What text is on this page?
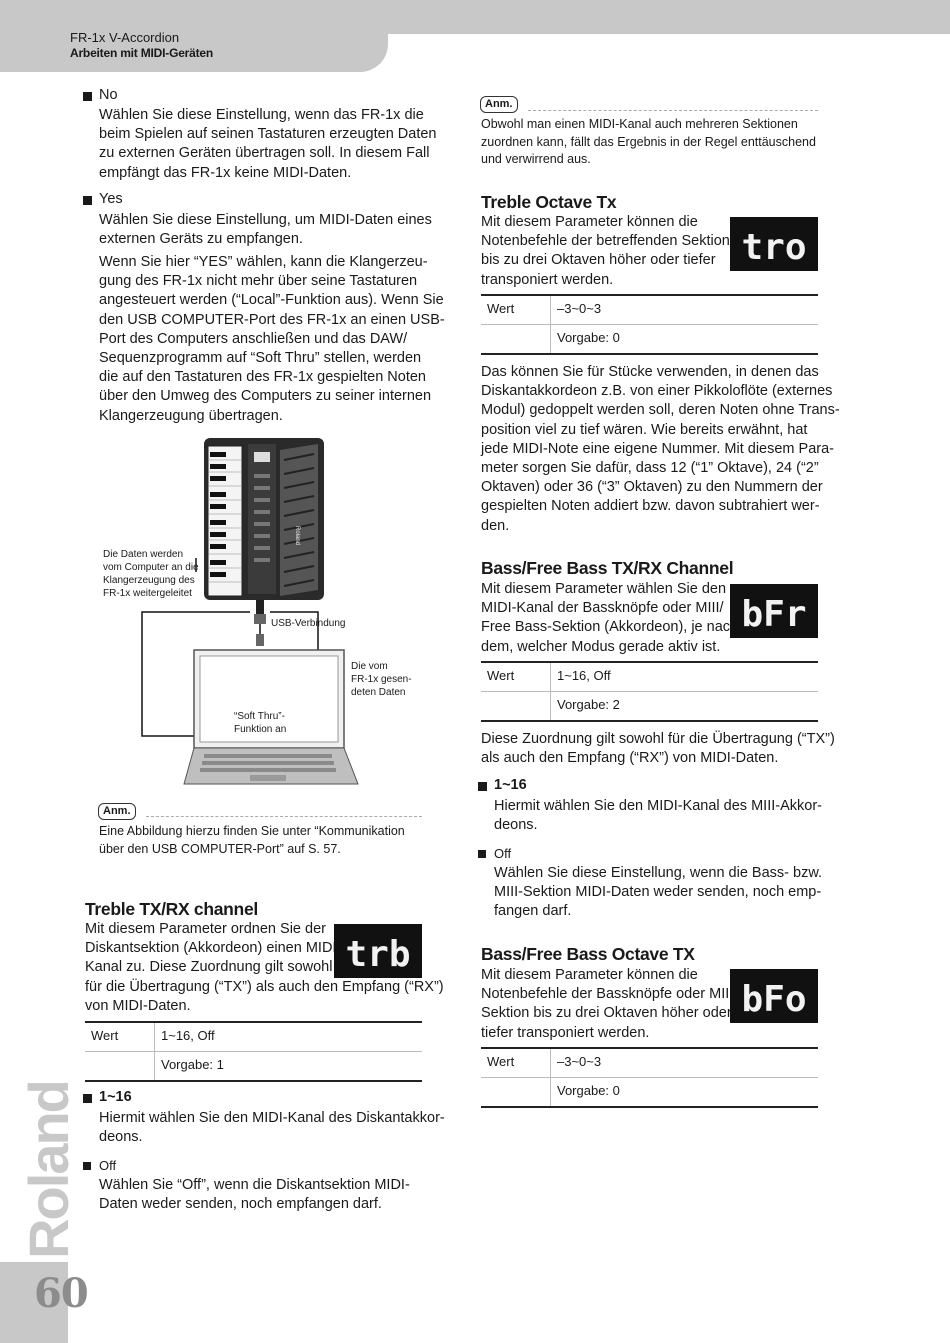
FR-1x V-Accordion
Arbeiten mit MIDI-Geräten
Roland
60
No
Wählen Sie diese Einstellung, wenn das FR-1x die
beim Spielen auf seinen Tastaturen erzeugten Daten
zu externen Geräten übertragen soll. In diesem Fall
empfängt das FR-1x keine MIDI-Daten.
Yes
Wählen Sie diese Einstellung, um MIDI-Daten eines
externen Geräts zu empfangen.
Wenn Sie hier “YES” wählen, kann die Klangerzeu-
gung des FR-1x nicht mehr über seine Tastaturen
angesteuert werden (“Local”-Funktion aus). Wenn Sie
den USB COMPUTER-Port des FR-1x an einen USB-
Port des Computers anschließen und das DAW/
Sequenzprogramm auf “Soft Thru” stellen, werden
die auf den Tastaturen des FR-1x gespielten Noten
über den Umweg des Computers zu seiner internen
Klangerzeugung übertragen.
Roland
Die Daten werden
vom Computer an die
Klangerzeugung des
FR-1x weitergeleitet
USB-Verbindung
Die vom
FR-1x gesen-
deten Daten
“Soft Thru”-
Funktion an
Anm.
Eine Abbildung hierzu finden Sie unter “Kommunikation
über den USB COMPUTER-Port” auf S. 57.
Treble TX/RX channel
Mit diesem Parameter ordnen Sie der
Diskantsektion (Akkordeon) einen MIDI-
Kanal zu. Diese Zuordnung gilt sowohl
für die Übertragung (“TX”) als auch den Empfang (“RX”)
von MIDI-Daten.
trb
Wert	1~16, Off
Vorgabe: 1
1~16
Hiermit wählen Sie den MIDI-Kanal des Diskantakkor-
deons.
Off
Wählen Sie “Off”, wenn die Diskantsektion MIDI-
Daten weder senden, noch empfangen darf.
Anm.
Obwohl man einen MIDI-Kanal auch mehreren Sektionen
zuordnen kann, fällt das Ergebnis in der Regel enttäuschend
und verwirrend aus.
Treble Octave Tx
Mit diesem Parameter können die
Notenbefehle der betreffenden Sektion
bis zu drei Oktaven höher oder tiefer
transponiert werden.
tro
Wert	–3~0~3
Vorgabe: 0
Das können Sie für Stücke verwenden, in denen das
Diskantakkordeon z.B. von einer Pikkoloflöte (externes
Modul) gedoppelt werden soll, deren Noten ohne Trans-
position viel zu tief wären. Wie bereits erwähnt, hat
jede MIDI-Note eine eigene Nummer. Mit diesem Para-
meter sorgen Sie dafür, dass 12 (“1” Oktave), 24 (“2”
Oktaven) oder 36 (“3” Oktaven) zu den Nummern der
gespielten Noten addiert bzw. davon subtrahiert wer-
den.
Bass/Free Bass TX/RX Channel
Mit diesem Parameter wählen Sie den
MIDI-Kanal der Bassknöpfe oder MIII/
Free Bass-Sektion (Akkordeon), je nach-
dem, welcher Modus gerade aktiv ist.
bFr
Wert	1~16, Off
Vorgabe: 2
Diese Zuordnung gilt sowohl für die Übertragung (“TX”)
als auch den Empfang (“RX”) von MIDI-Daten.
1~16
Hiermit wählen Sie den MIDI-Kanal des MIII-Akkor-
deons.
Off
Wählen Sie diese Einstellung, wenn die Bass- bzw.
MIII-Sektion MIDI-Daten weder senden, noch emp-
fangen darf.
Bass/Free Bass Octave TX
Mit diesem Parameter können die
Notenbefehle der Bassknöpfe oder MIII-
Sektion bis zu drei Oktaven höher oder
tiefer transponiert werden.
bFo
Wert	–3~0~3
Vorgabe: 0
